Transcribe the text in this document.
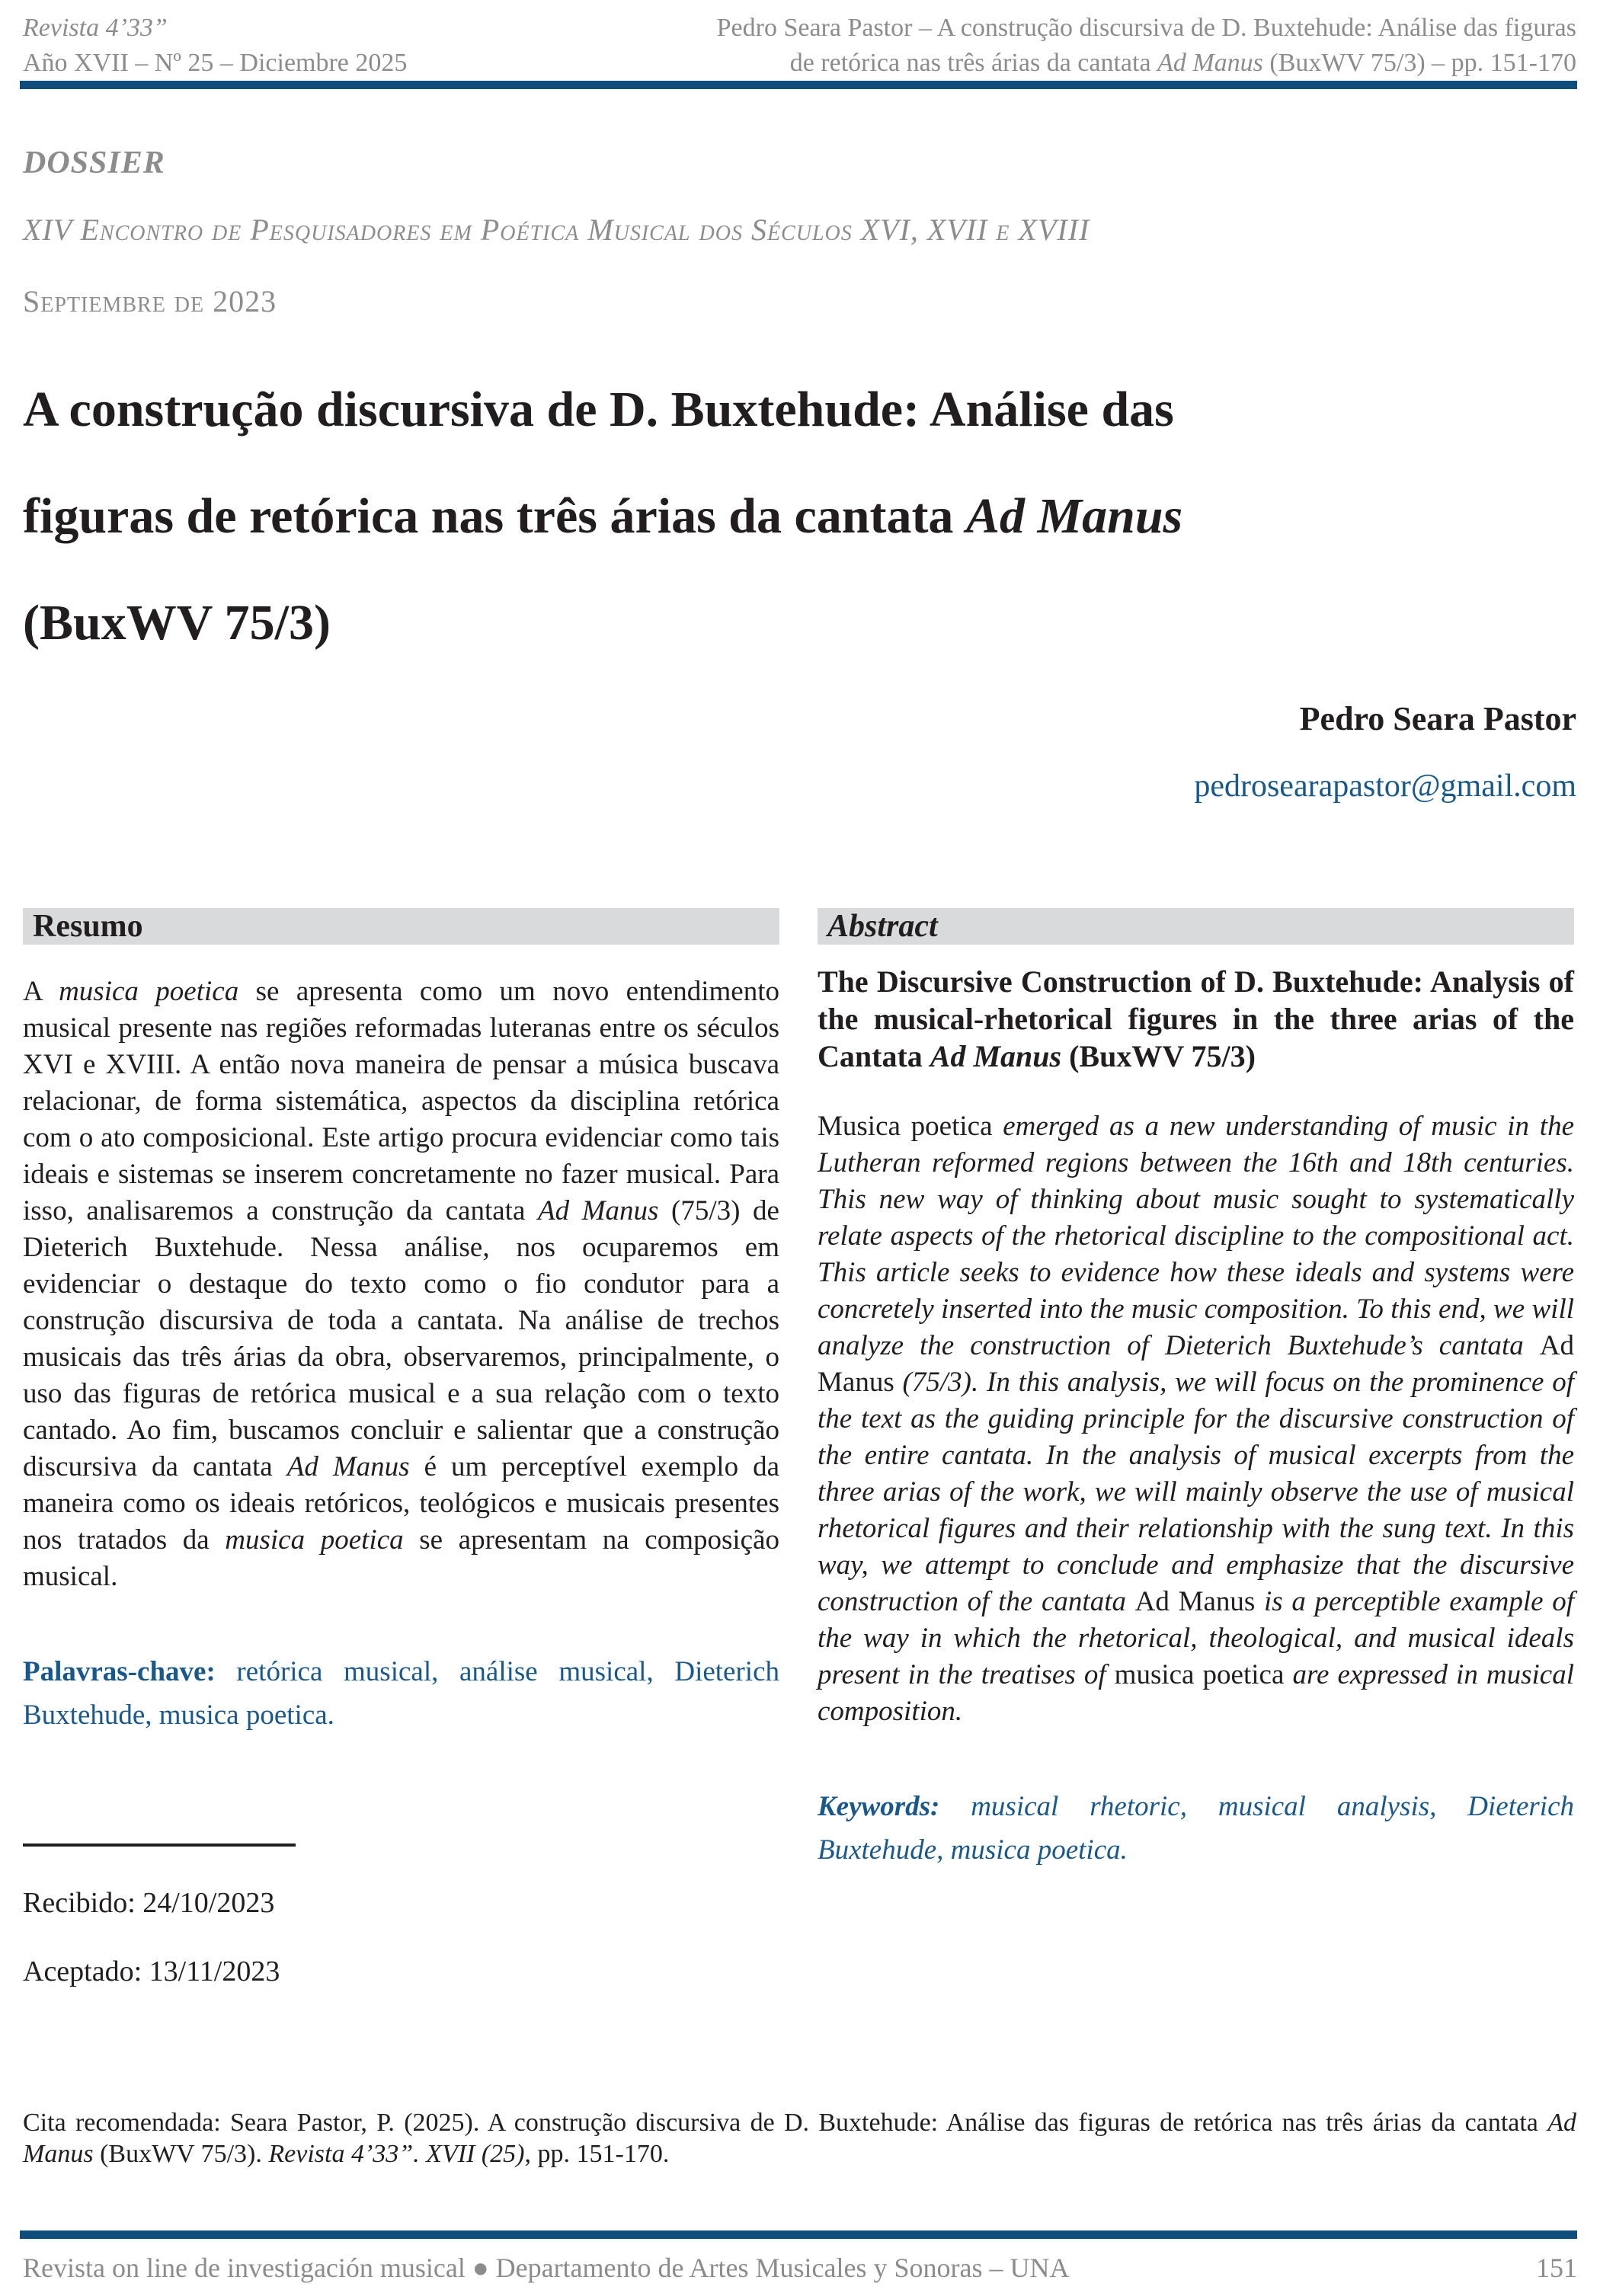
Revista 4’33”
Año XVII – Nº 25 – Diciembre 2025
Pedro Seara Pastor – A construção discursiva de D. Buxtehude: Análise das figuras
de retórica nas três árias da cantata Ad Manus (BuxWV 75/3) – pp. 151-170
DOSSIER
XIV Encontro de Pesquisadores em Poética Musical dos Séculos XVI, XVII e XVIII
Septiembre de 2023
A construção discursiva de D. Buxtehude: Análise das
figuras de retórica nas três árias da cantata Ad Manus
(BuxWV 75/3)
Pedro Seara Pastor
pedrosearapastor@gmail.com
Resumo
A musica poetica se apresenta como um novo entendimento musical presente nas regiões reformadas luteranas entre os séculos XVI e XVIII. A então nova maneira de pensar a música buscava relacionar, de forma sistemática, aspectos da disciplina retórica com o ato composicional. Este artigo procura evidenciar como tais ideais e sistemas se inserem concretamente no fazer musical. Para isso, analisaremos a construção da cantata Ad Manus (75/3) de Dieterich Buxtehude. Nessa análise, nos ocuparemos em evidenciar o destaque do texto como o fio condutor para a construção discursiva de toda a cantata. Na análise de trechos musicais das três árias da obra, observaremos, principalmente, o uso das figuras de retórica musical e a sua relação com o texto cantado. Ao fim, buscamos concluir e salientar que a construção discursiva da cantata Ad Manus é um perceptível exemplo da maneira como os ideais retóricos, teológicos e musicais presentes nos tratados da musica poetica se apresentam na composição musical.
Palavras-chave: retórica musical, análise musical, Dieterich Buxtehude, musica poetica.
Recibido: 24/10/2023
Aceptado: 13/11/2023
Abstract
The Discursive Construction of D. Buxtehude: Analysis of the musical-rhetorical figures in the three arias of the Cantata Ad Manus (BuxWV 75/3)
Musica poetica emerged as a new understanding of music in the Lutheran reformed regions between the 16th and 18th centuries. This new way of thinking about music sought to systematically relate aspects of the rhetorical discipline to the compositional act. This article seeks to evidence how these ideals and systems were concretely inserted into the music composition. To this end, we will analyze the construction of Dieterich Buxtehude’s cantata Ad Manus (75/3). In this analysis, we will focus on the prominence of the text as the guiding principle for the discursive construction of the entire cantata. In the analysis of musical excerpts from the three arias of the work, we will mainly observe the use of musical rhetorical figures and their relationship with the sung text. In this way, we attempt to conclude and emphasize that the discursive construction of the cantata Ad Manus is a perceptible example of the way in which the rhetorical, theological, and musical ideals present in the treatises of musica poetica are expressed in musical composition.
Keywords: musical rhetoric, musical analysis, Dieterich Buxtehude, musica poetica.
Cita recomendada: Seara Pastor, P. (2025). A construção discursiva de D. Buxtehude: Análise das figuras de retórica nas três árias da cantata Ad Manus (BuxWV 75/3). Revista 4’33”. XVII (25), pp. 151-170.
Revista on line de investigación musical ● Departamento de Artes Musicales y Sonoras – UNA	151
